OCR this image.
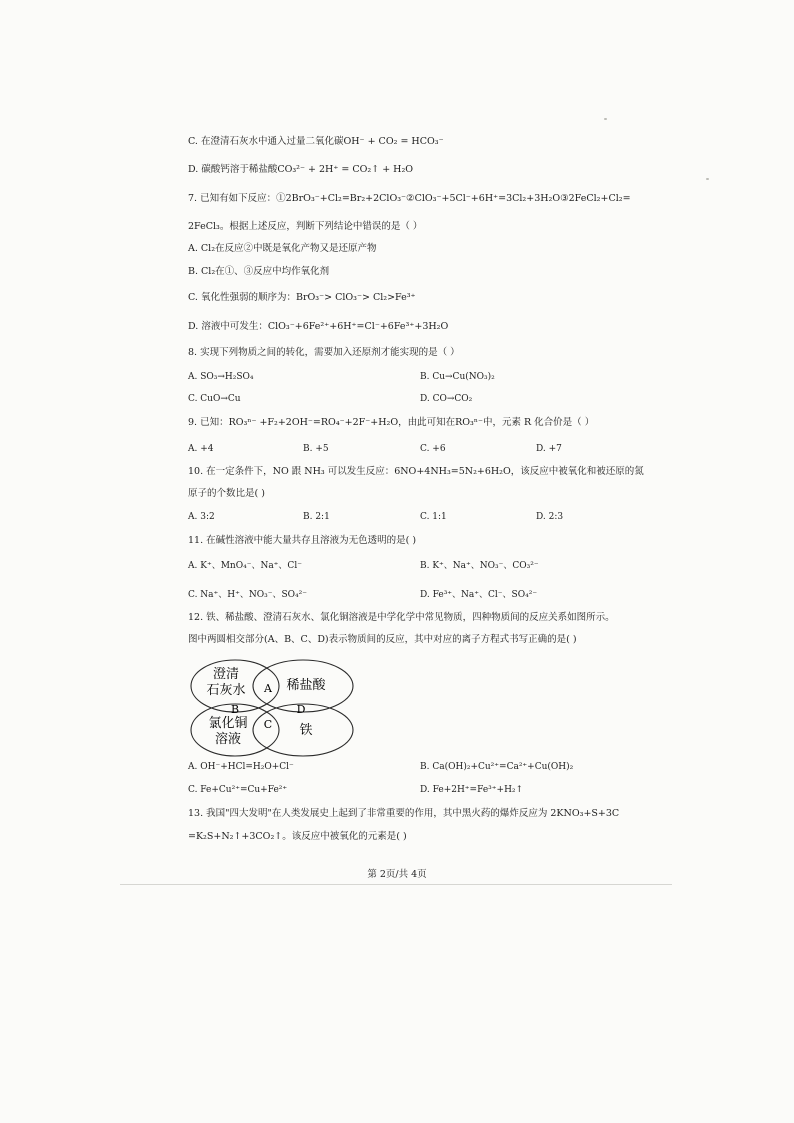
C. 在澄清石灰水中通入过量二氧化碳OH⁻ + CO₂ = HCO₃⁻
D. 碳酸钙溶于稀盐酸CO₃²⁻ + 2H⁺ = CO₂↑ + H₂O
7. 已知有如下反应：①2BrO₃⁻+Cl₂=Br₂+2ClO₃⁻②ClO₃⁻+5Cl⁻+6H⁺=3Cl₂+3H₂O③2FeCl₂+Cl₂=
2FeCl₃。根据上述反应，判断下列结论中错误的是（ ）
A. Cl₂在反应②中既是氧化产物又是还原产物
B. Cl₂在①、③反应中均作氧化剂
C. 氧化性强弱的顺序为：BrO₃⁻> ClO₃⁻> Cl₂>Fe³⁺
D. 溶液中可发生：ClO₃⁻+6Fe²⁺+6H⁺=Cl⁻+6Fe³⁺+3H₂O
8. 实现下列物质之间的转化，需要加入还原剂才能实现的是（ ）
A. SO₃→H₂SO₄	B. Cu→Cu(NO₃)₂
C. CuO→Cu	D. CO→CO₂
9. 已知：RO₃ⁿ⁻ +F₂+2OH⁻=RO₄⁻+2F⁻+H₂O，由此可知在RO₃ⁿ⁻中，元素 R 化合价是（ ）
A. +4	B. +5	C. +6	D. +7
10. 在一定条件下，NO 跟 NH₃ 可以发生反应：6NO+4NH₃=5N₂+6H₂O，该反应中被氧化和被还原的氮
原子的个数比是( )
A. 3:2	B. 2:1	C. 1:1	D. 2:3
11. 在碱性溶液中能大量共存且溶液为无色透明的是( )
A. K⁺、MnO₄⁻、Na⁺、Cl⁻	B. K⁺、Na⁺、NO₃⁻、CO₃²⁻
C. Na⁺、H⁺、NO₃⁻、SO₄²⁻	D. Fe³⁺、Na⁺、Cl⁻、SO₄²⁻
12. 铁、稀盐酸、澄清石灰水、氯化铜溶液是中学化学中常见物质，四种物质间的反应关系如图所示。
图中两圆相交部分(A、B、C、D)表示物质间的反应，其中对应的离子方程式书写正确的是( )
澄清
石灰水	稀盐酸
氯化铜
溶液
铁
A
B
C
D
A. OH⁻+HCl=H₂O+Cl⁻	B. Ca(OH)₂+Cu²⁺=Ca²⁺+Cu(OH)₂
C. Fe+Cu²⁺=Cu+Fe²⁺	D. Fe+2H⁺=Fe³⁺+H₂↑
13. 我国"四大发明"在人类发展史上起到了非常重要的作用，其中黑火药的爆炸反应为 2KNO₃+S+3C
=K₂S+N₂↑+3CO₂↑。该反应中被氧化的元素是( )
第 2页/共 4页
